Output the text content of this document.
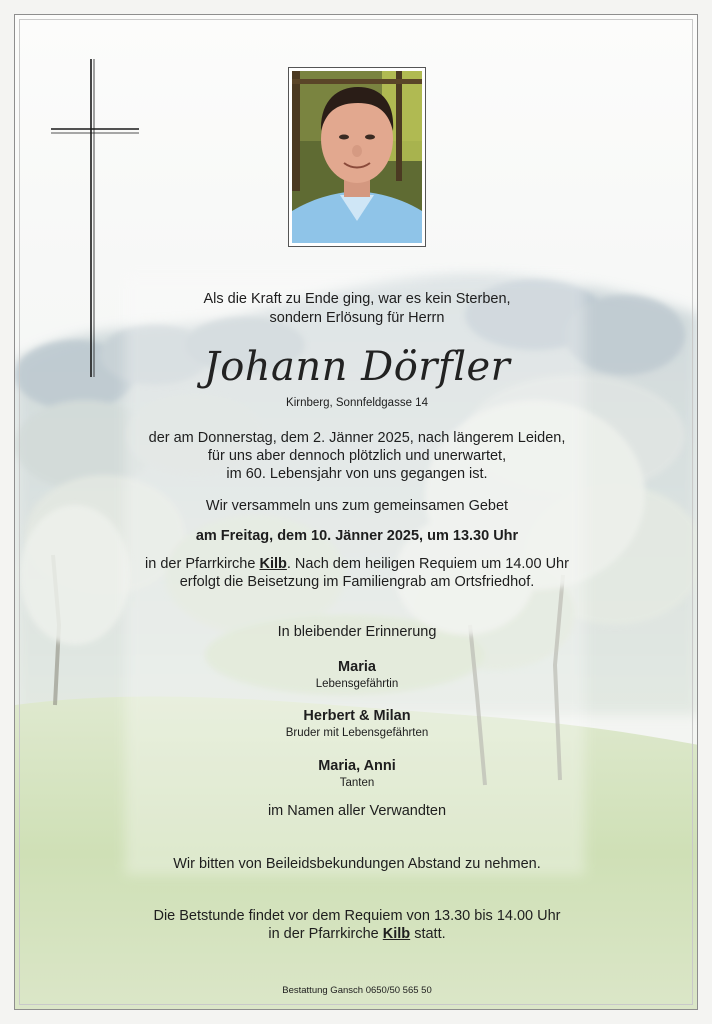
Als die Kraft zu Ende ging, war es kein Sterben,
sondern Erlösung für Herrn
Johann Dörfler
Kirnberg, Sonnfeldgasse 14
der am Donnerstag, dem 2. Jänner 2025, nach längerem Leiden,
für uns aber dennoch plötzlich und unerwartet,
im 60. Lebensjahr von uns gegangen ist.
Wir versammeln uns zum gemeinsamen Gebet
am Freitag, dem 10. Jänner 2025, um 13.30 Uhr
in der Pfarrkirche Kilb. Nach dem heiligen Requiem um 14.00 Uhr
erfolgt die Beisetzung im Familiengrab am Ortsfriedhof.
In bleibender Erinnerung
Maria
Lebensgefährtin
Herbert & Milan
Bruder mit Lebensgefährten
Maria, Anni
Tanten
im Namen aller Verwandten
Wir bitten von Beileidsbekundungen Abstand zu nehmen.
Die Betstunde findet vor dem Requiem von 13.30 bis 14.00 Uhr
in der Pfarrkirche Kilb statt.
Bestattung Gansch 0650/50 565 50
